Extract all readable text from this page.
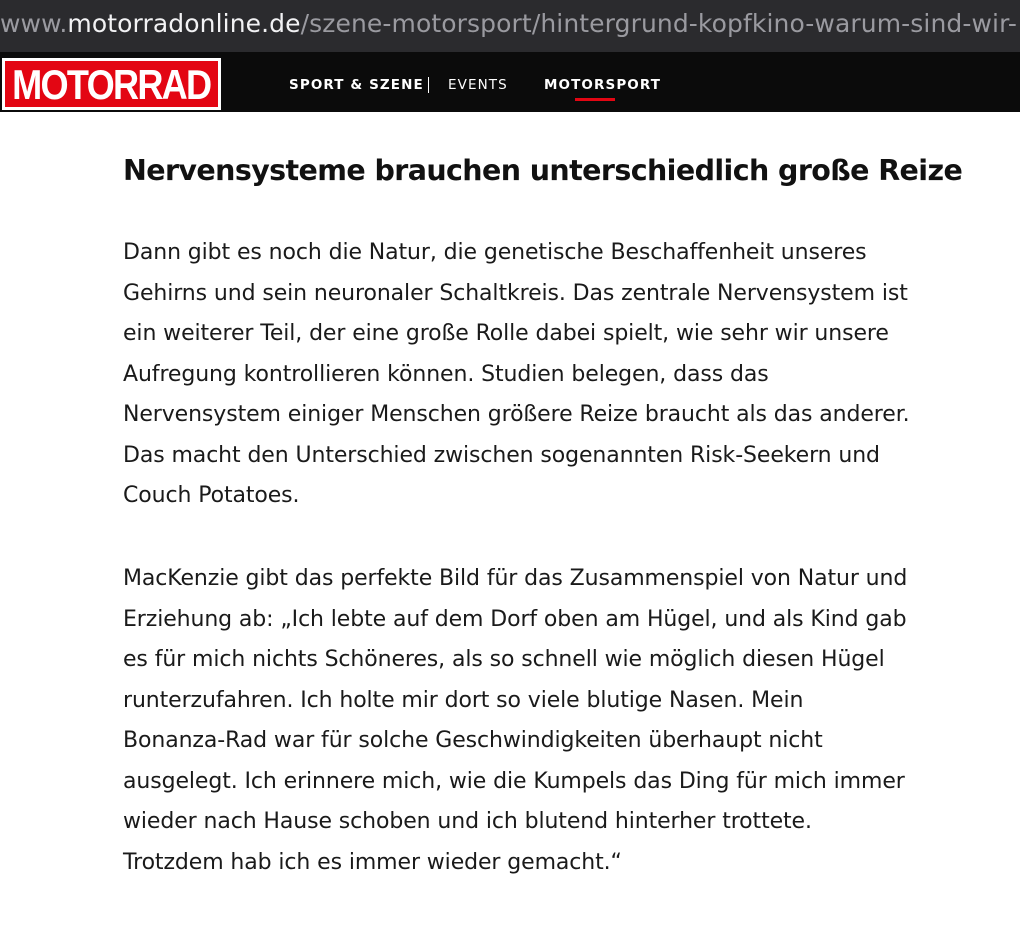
www.motorradonline.de/szene-motorsport/hintergrund-kopfkino-warum-sind-wir-
MOTORRAD	SPORT & SZENE EVENTS	MOTORSPORT
Nervensysteme brauchen unterschiedlich große Reize

Dann gibt es noch die Natur, die genetische Beschaffenheit unseres
Gehirns und sein neuronaler Schaltkreis. Das zentrale Nervensystem ist
ein weiterer Teil, der eine große Rolle dabei spielt, wie sehr wir unsere
Aufregung kontrollieren können. Studien belegen, dass das
Nervensystem einiger Menschen größere Reize braucht als das anderer.
Das macht den Unterschied zwischen sogenannten Risk-Seekern und
Couch Potatoes.

MacKenzie gibt das perfekte Bild für das Zusammenspiel von Natur und
Erziehung ab: „Ich lebte auf dem Dorf oben am Hügel, und als Kind gab
es für mich nichts Schöneres, als so schnell wie möglich diesen Hügel
runterzufahren. Ich holte mir dort so viele blutige Nasen. Mein
Bonanza-Rad war für solche Geschwindigkeiten überhaupt nicht
ausgelegt. Ich erinnere mich, wie die Kumpels das Ding für mich immer
wieder nach Hause schoben und ich blutend hinterher trottete.
Trotzdem hab ich es immer wieder gemacht.“
